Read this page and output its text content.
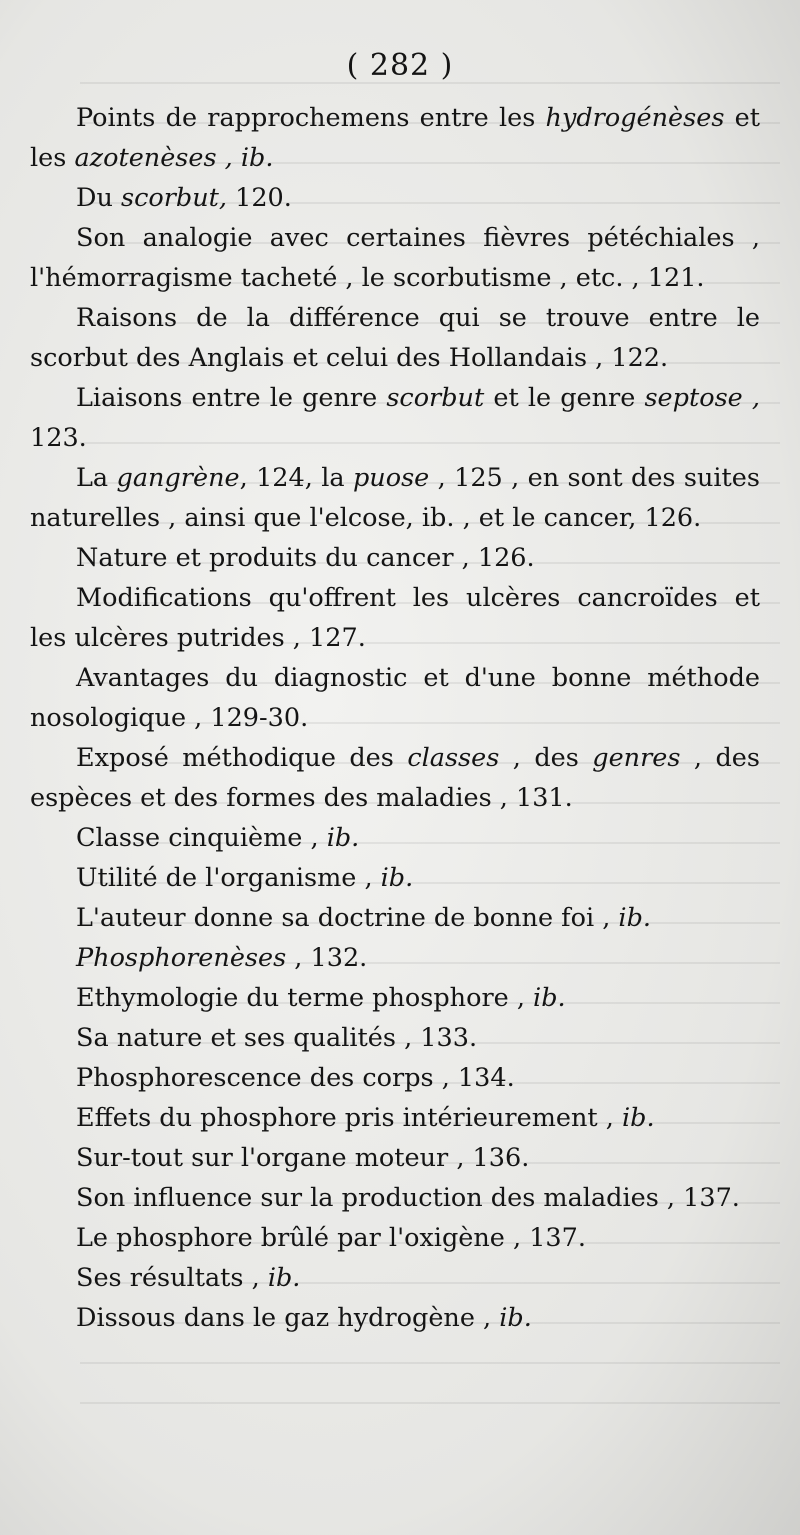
( 282 )

Points de rapprochemens entre les hydrogénèses et les azotenèses , ib.

Du scorbut, 120.

Son analogie avec certaines fièvres pétéchiales , l'hémorragisme tacheté , le scorbutisme , etc. , 121.

Raisons de la différence qui se trouve entre le scorbut des Anglais et celui des Hollandais , 122.

Liaisons entre le genre scorbut et le genre septose , 123.

La gangrène, 124, la puose , 125 , en sont des suites naturelles , ainsi que l'elcose, ib. , et le cancer, 126.

Nature et produits du cancer , 126.

Modifications qu'offrent les ulcères cancroïdes et les ulcères putrides , 127.

Avantages du diagnostic et d'une bonne méthode nosologique , 129-30.

Exposé méthodique des classes , des genres , des espèces et des formes des maladies , 131.

Classe cinquième , ib.

Utilité de l'organisme , ib.

L'auteur donne sa doctrine de bonne foi , ib.

Phosphorenèses , 132.

Ethymologie du terme phosphore , ib.

Sa nature et ses qualités , 133.

Phosphorescence des corps , 134.

Effets du phosphore pris intérieurement , ib.

Sur-tout sur l'organe moteur , 136.

Son influence sur la production des maladies , 137.

Le phosphore brûlé par l'oxigène , 137.

Ses résultats , ib.

Dissous dans le gaz hydrogène , ib.
